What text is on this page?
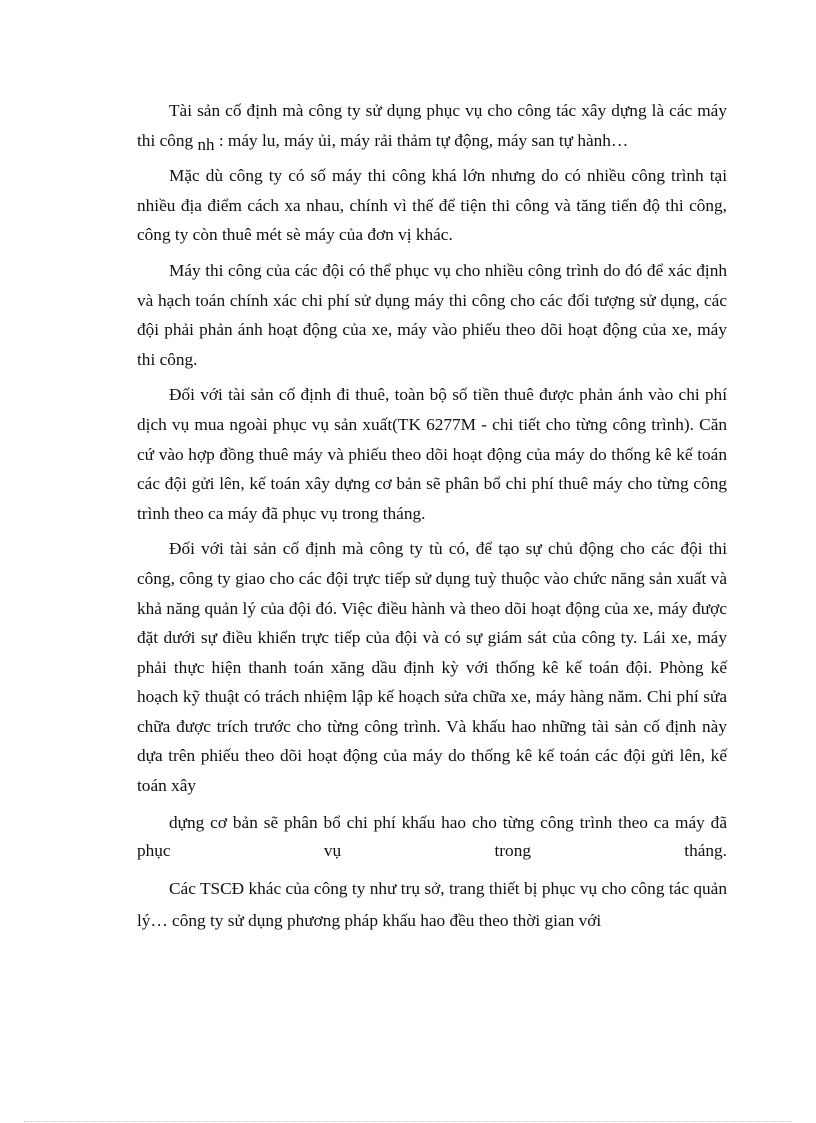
Tài sản cố định mà công ty sử dụng phục vụ cho công tác xây dựng là các máy thi công nh : máy lu, máy ủi, máy rải thảm tự động, máy san tự hành…

Mặc dù công ty có số máy thi công khá lớn nhưng do có nhiều công trình tại nhiều địa điểm cách xa nhau, chính vì thế để tiện thi công và tăng tiến độ thi công, công ty còn thuê mét sè máy của đơn vị khác.

Máy thi công của các đội có thể phục vụ cho nhiều công trình do đó để xác định và hạch toán chính xác chi phí sử dụng máy thi công cho các đối tượng sử dụng, các đội phải phản ánh hoạt động của xe, máy vào phiếu theo dõi hoạt động của xe, máy thi công.

Đối với tài sản cố định đi thuê, toàn bộ số tiền thuê được phản ánh vào chi phí dịch vụ mua ngoài phục vụ sản xuất(TK 6277M - chi tiết cho từng công trình). Căn cứ vào hợp đồng thuê máy và phiếu theo dõi hoạt động của máy do thống kê kế toán các đội gửi lên, kế toán xây dựng cơ bản sẽ phân bổ chi phí thuê máy cho từng công trình theo ca máy đã phục vụ trong tháng.

Đối với tài sản cố định mà công ty tù có, để tạo sự chủ động cho các đội thi công, công ty giao cho các đội trực tiếp sử dụng tuỳ thuộc vào chức năng sản xuất và khả năng quản lý của đội đó. Việc điều hành và theo dõi hoạt động của xe, máy được đặt dưới sự điều khiển trực tiếp của đội và có sự giám sát của công ty. Lái xe, máy phải thực hiện thanh toán xăng dầu định kỳ với thống kê kế toán đội. Phòng kế hoạch kỹ thuật có trách nhiệm lập kế hoạch sửa chữa xe, máy hàng năm. Chi phí sửa chữa được trích trước cho từng công trình. Và khấu hao những tài sản cố định này dựa trên phiếu theo dõi hoạt động của máy do thống kê kế toán các đội gửi lên, kế toán xây

dựng cơ bản sẽ phân bổ chi phí khấu hao cho từng công trình theo ca máy đã phục vụ trong tháng.

Các TSCĐ khác của công ty như trụ sở, trang thiết bị phục vụ cho công tác quản lý… công ty sử dụng phương pháp khấu hao đều theo thời gian với
